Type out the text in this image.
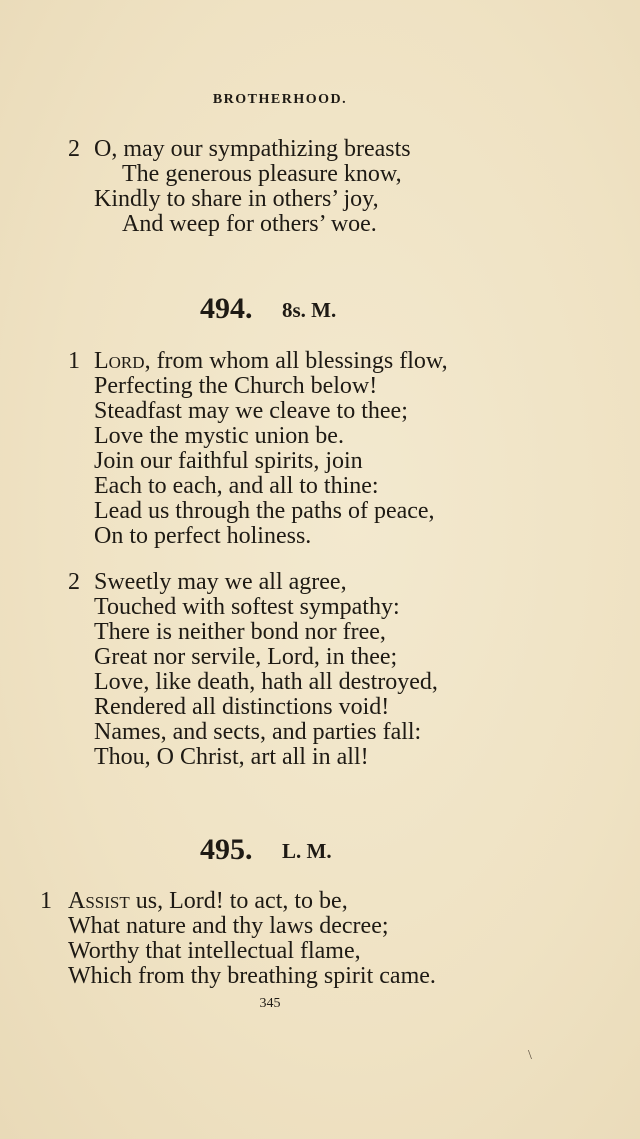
BROTHERHOOD.
2 O, may our sympathizing breasts
The generous pleasure know,
Kindly to share in others’ joy,
And weep for others’ woe.
494. 8s. M.
1 Lord, from whom all blessings flow,
Perfecting the Church below!
Steadfast may we cleave to thee;
Love the mystic union be.
Join our faithful spirits, join
Each to each, and all to thine:
Lead us through the paths of peace,
On to perfect holiness.
2 Sweetly may we all agree,
Touched with softest sympathy:
There is neither bond nor free,
Great nor servile, Lord, in thee;
Love, like death, hath all destroyed,
Rendered all distinctions void!
Names, and sects, and parties fall:
Thou, O Christ, art all in all!
495. L. M.
1 Assist us, Lord! to act, to be,
What nature and thy laws decree;
Worthy that intellectual flame,
Which from thy breathing spirit came.
345
\
